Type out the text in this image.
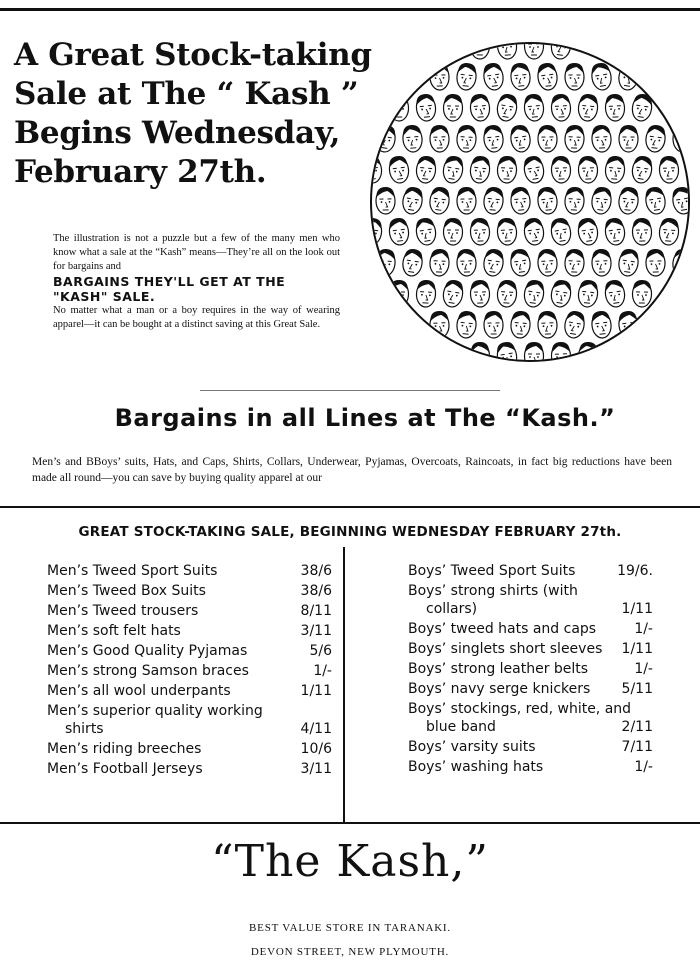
A Great Stock-taking
Sale at The “ Kash ”
Begins Wednesday,
February 27th.
The illustration is not a puzzle but a few of the many men who know what a sale at the “Kash” means—They’re all on the look out for bargains and
BARGAINS THEY'LL GET AT THE "KASH" SALE.
No matter what a man or a boy requires in the way of wearing apparel—it can be bought at a distinct saving at this Great Sale.
Bargains in all Lines at The “Kash.”
Men’s and BBoys’ suits, Hats, and Caps, Shirts, Collars, Underwear, Pyjamas, Overcoats, Raincoats, in fact big reductions have been made all round—you can save by buying quality apparel at our
GREAT STOCK-TAKING SALE, BEGINNING WEDNESDAY FEBRUARY 27th.
Men’s Tweed Sport Suits	38/6
Men’s Tweed Box Suits	38/6
Men’s Tweed trousers	8/11
Men’s soft felt hats	3/11
Men’s Good Quality Pyjamas	5/6
Men’s strong Samson braces	1/-
Men’s all wool underpants	1/11
Men’s superior quality working
shirts	4/11
Men’s riding breeches	10/6
Men’s Football Jerseys	3/11
Boys’ Tweed Sport Suits	19/6.
Boys’ strong shirts (with
collars)	1/11
Boys’ tweed hats and caps	1/-
Boys’ singlets short sleeves 1/11
Boys’ strong leather belts	1/-
Boys’ navy serge knickers 5/11
Boys’ stockings, red, white, and
blue band	2/11
Boys’ varsity suits	7/11
Boys’ washing hats	1/-
“The Kash,”
BEST VALUE STORE IN TARANAKI.
DEVON STREET, NEW PLYMOUTH.
